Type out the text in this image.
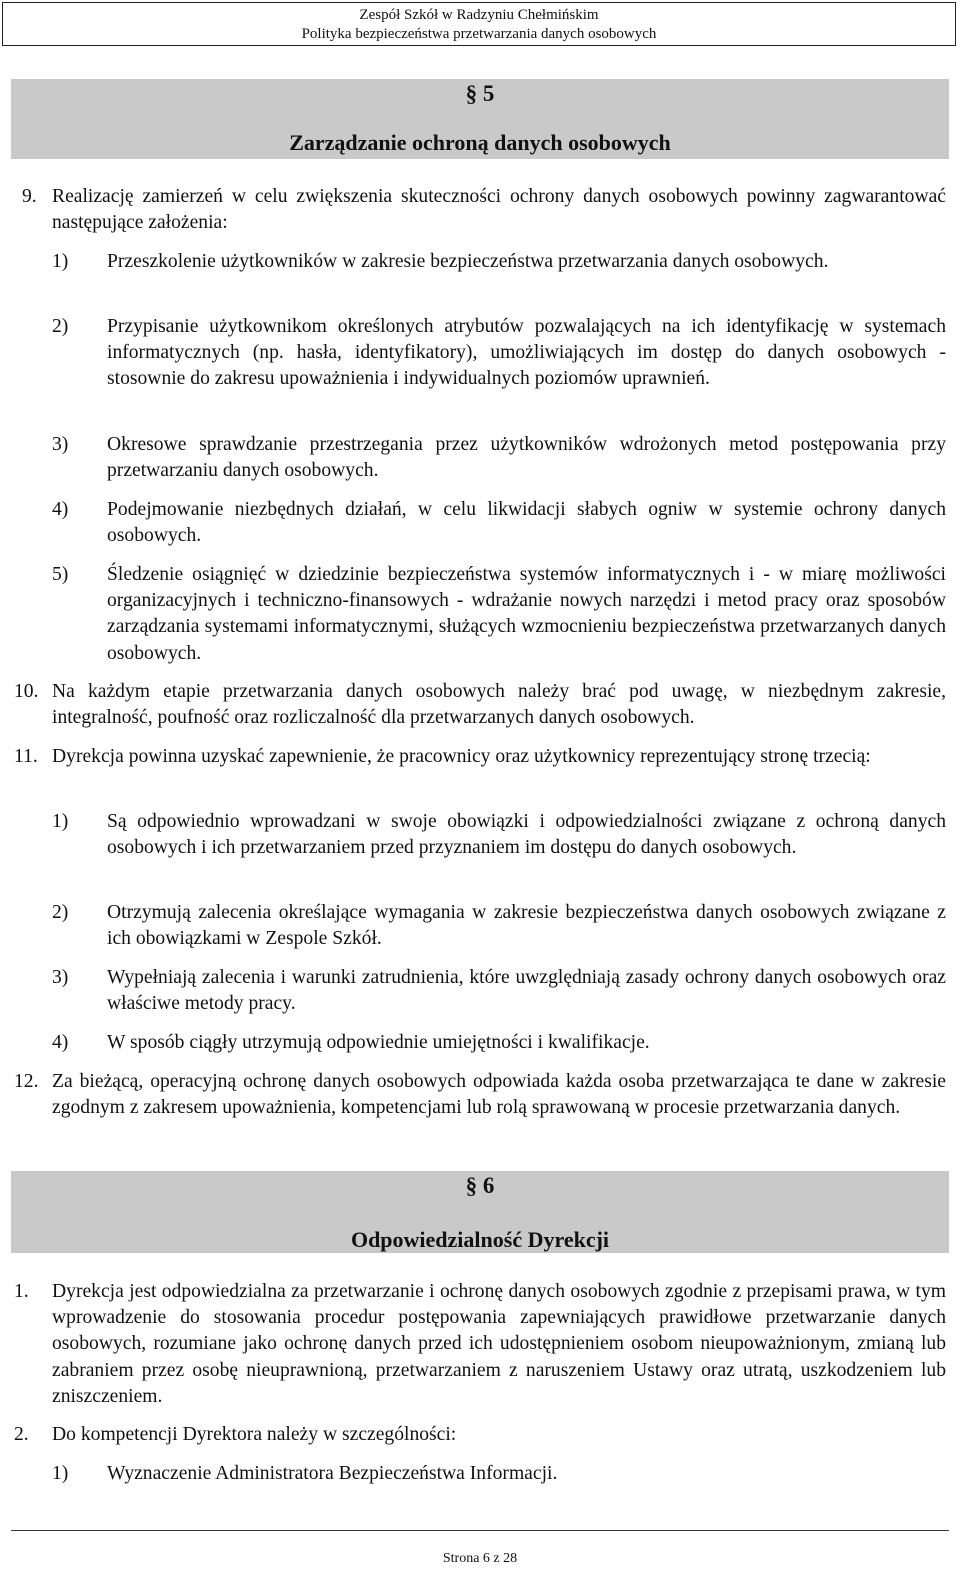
Zespół Szkół w Radzyniu Chełmińskim
Polityka bezpieczeństwa przetwarzania danych osobowych
§ 5
Zarządzanie ochroną danych osobowych
9. Realizację zamierzeń w celu zwiększenia skuteczności ochrony danych osobowych powinny zagwarantować następujące założenia:
1) Przeszkolenie użytkowników w zakresie bezpieczeństwa przetwarzania danych osobowych.
2) Przypisanie użytkownikom określonych atrybutów pozwalających na ich identyfikację w systemach informatycznych (np. hasła, identyfikatory), umożliwiających im dostęp do danych osobowych - stosownie do zakresu upoważnienia i indywidualnych poziomów uprawnień.
3) Okresowe sprawdzanie przestrzegania przez użytkowników wdrożonych metod postępowania przy przetwarzaniu danych osobowych.
4) Podejmowanie niezbędnych działań, w celu likwidacji słabych ogniw w systemie ochrony danych osobowych.
5) Śledzenie osiągnięć w dziedzinie bezpieczeństwa systemów informatycznych i - w miarę możliwości organizacyjnych i techniczno-finansowych - wdrażanie nowych narzędzi i metod pracy oraz sposobów zarządzania systemami informatycznymi, służących wzmocnieniu bezpieczeństwa przetwarzanych danych osobowych.
10. Na każdym etapie przetwarzania danych osobowych należy brać pod uwagę, w niezbędnym zakresie, integralność, poufność oraz rozliczalność dla przetwarzanych danych osobowych.
11. Dyrekcja powinna uzyskać zapewnienie, że pracownicy oraz użytkownicy reprezentujący stronę trzecią:
1) Są odpowiednio wprowadzani w swoje obowiązki i odpowiedzialności związane z ochroną danych osobowych i ich przetwarzaniem przed przyznaniem im dostępu do danych osobowych.
2) Otrzymują zalecenia określające wymagania w zakresie bezpieczeństwa danych osobowych związane z ich obowiązkami w Zespole Szkół.
3) Wypełniają zalecenia i warunki zatrudnienia, które uwzględniają zasady ochrony danych osobowych oraz właściwe metody pracy.
4) W sposób ciągły utrzymują odpowiednie umiejętności i kwalifikacje.
12. Za bieżącą, operacyjną ochronę danych osobowych odpowiada każda osoba przetwarzająca te dane w zakresie zgodnym z zakresem upoważnienia, kompetencjami lub rolą sprawowaną w procesie przetwarzania danych.
§ 6
Odpowiedzialność Dyrekcji
1. Dyrekcja jest odpowiedzialna za przetwarzanie i ochronę danych osobowych zgodnie z przepisami prawa, w tym wprowadzenie do stosowania procedur postępowania zapewniających prawidłowe przetwarzanie danych osobowych, rozumiane jako ochronę danych przed ich udostępnieniem osobom nieupoważnionym, zmianą lub zabraniem przez osobę nieuprawnioną, przetwarzaniem z naruszeniem Ustawy oraz utratą, uszkodzeniem lub zniszczeniem.
2. Do kompetencji Dyrektora należy w szczególności:
1) Wyznaczenie Administratora Bezpieczeństwa Informacji.
Strona 6 z 28
